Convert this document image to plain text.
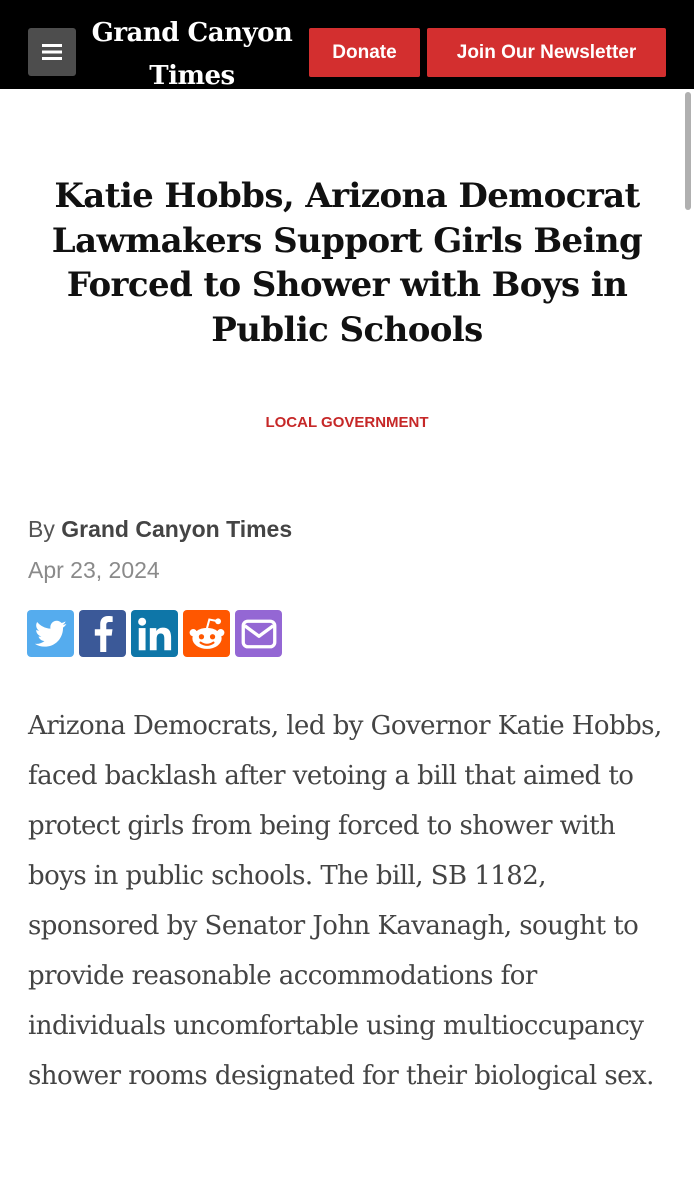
Grand Canyon
Times
Donate	Join Our Newsletter
Katie Hobbs, Arizona Democrat Lawmakers Support Girls Being Forced to Shower with Boys in Public Schools
LOCAL GOVERNMENT
By Grand Canyon Times
Apr 23, 2024

Arizona Democrats, led by Governor Katie Hobbs, faced backlash after vetoing a bill that aimed to protect girls from being forced to shower with boys in public schools. The bill, SB 1182, sponsored by Senator John Kavanagh, sought to provide reasonable accommodations for individuals uncomfortable using multioccupancy shower rooms designated for their biological sex.
